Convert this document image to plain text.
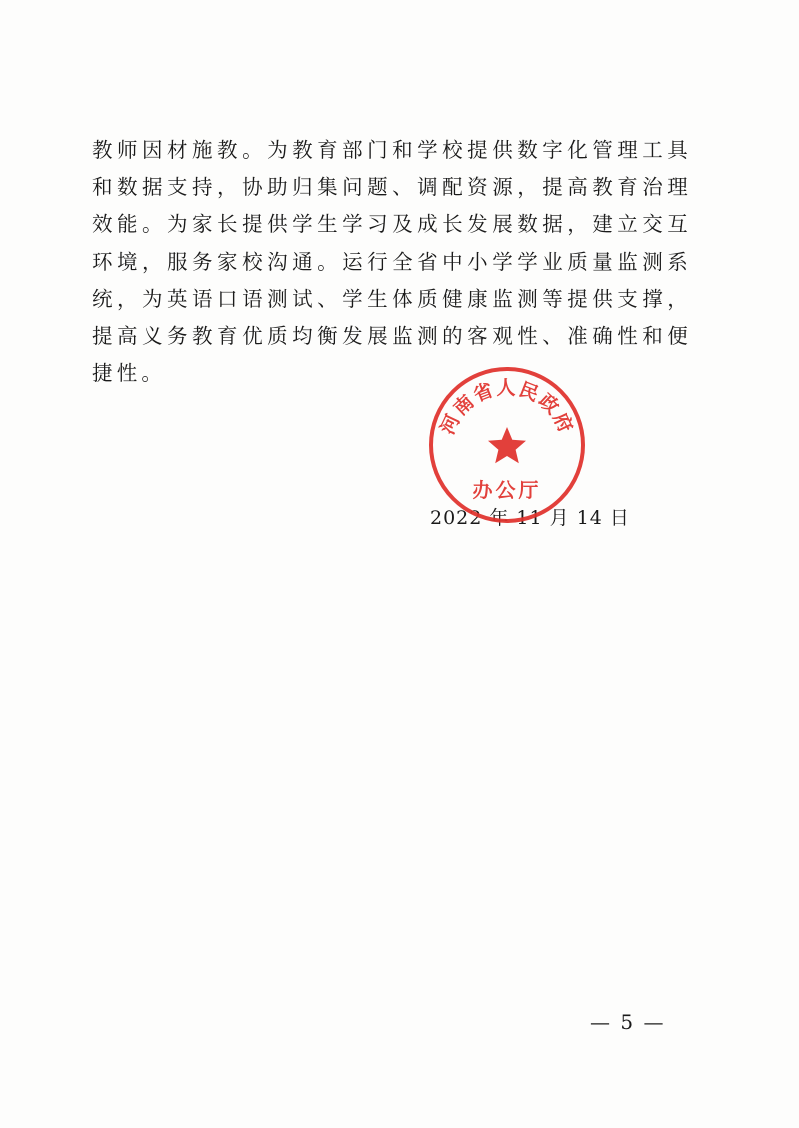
教师因材施教。为教育部门和学校提供数字化管理工具和数据支持，协助归集问题、调配资源，提高教育治理效能。为家长提供学生学习及成长发展数据，建立交互环境，服务家校沟通。运行全省中小学学业质量监测系统，为英语口语测试、学生体质健康监测等提供支撑，提高义务教育优质均衡发展监测的客观性、准确性和便捷性。

2022 年 11 月 14 日
河南省人民政府
办公厅
— 5 —
